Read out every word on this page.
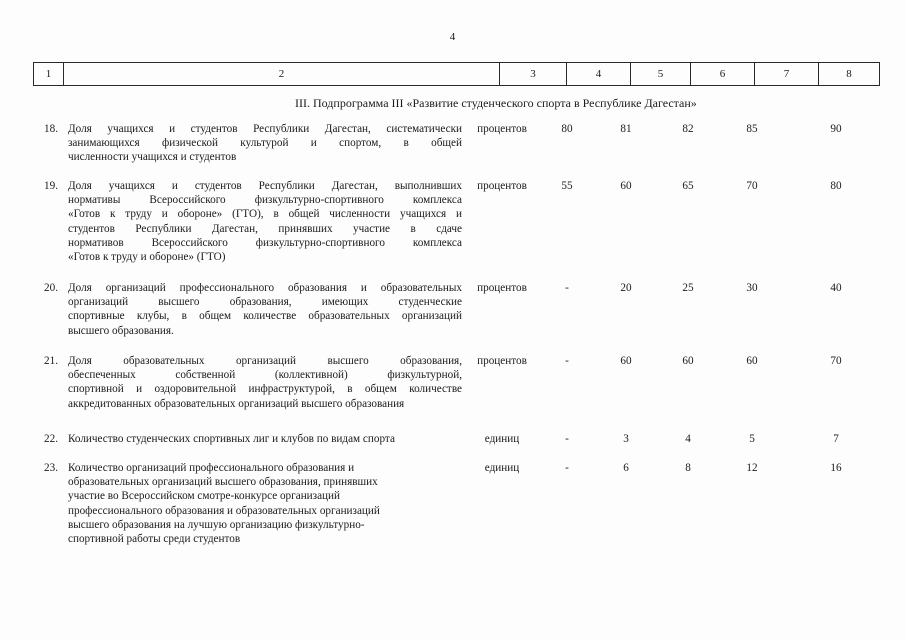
4
1	2	3	4	5	6	7	8
III. Подпрограмма III «Развитие студенческого спорта в Республике Дагестан»
18. Доля учащихся и студентов Республики Дагестан, систематически
занимающихся физической культурой и спортом, в общей
численности учащихся и студентов
процентов	80	81	82	85	90
19. Доля учащихся и студентов Республики Дагестан, выполнивших
нормативы Всероссийского физкультурно-спортивного комплекса
«Готов к труду и обороне» (ГТО), в общей численности учащихся и
студентов Республики Дагестан, принявших участие в сдаче
нормативов Всероссийского физкультурно-спортивного комплекса
«Готов к труду и обороне» (ГТО)
процентов	55	60	65	70	80
20. Доля организаций профессионального образования и образовательных
организаций высшего образования, имеющих студенческие
спортивные клубы, в общем количестве образовательных организаций
высшего образования.
процентов	-	20	25	30	40
21. Доля образовательных организаций высшего образования,
обеспеченных собственной (коллективной) физкультурной,
спортивной и оздоровительной инфраструктурой, в общем количестве
аккредитованных образовательных организаций высшего образования
процентов	-	60	60	60	70
22. Количество студенческих спортивных лиг и клубов по видам спорта	единиц	-	3	4	5	7
23. Количество организаций профессионального образования и
образовательных организаций высшего образования, принявших
участие во Всероссийском смотре-конкурсе организаций
профессионального образования и образовательных организаций
высшего образования на лучшую организацию физкультурно-
спортивной работы среди студентов
единиц	-	6	8	12	16
